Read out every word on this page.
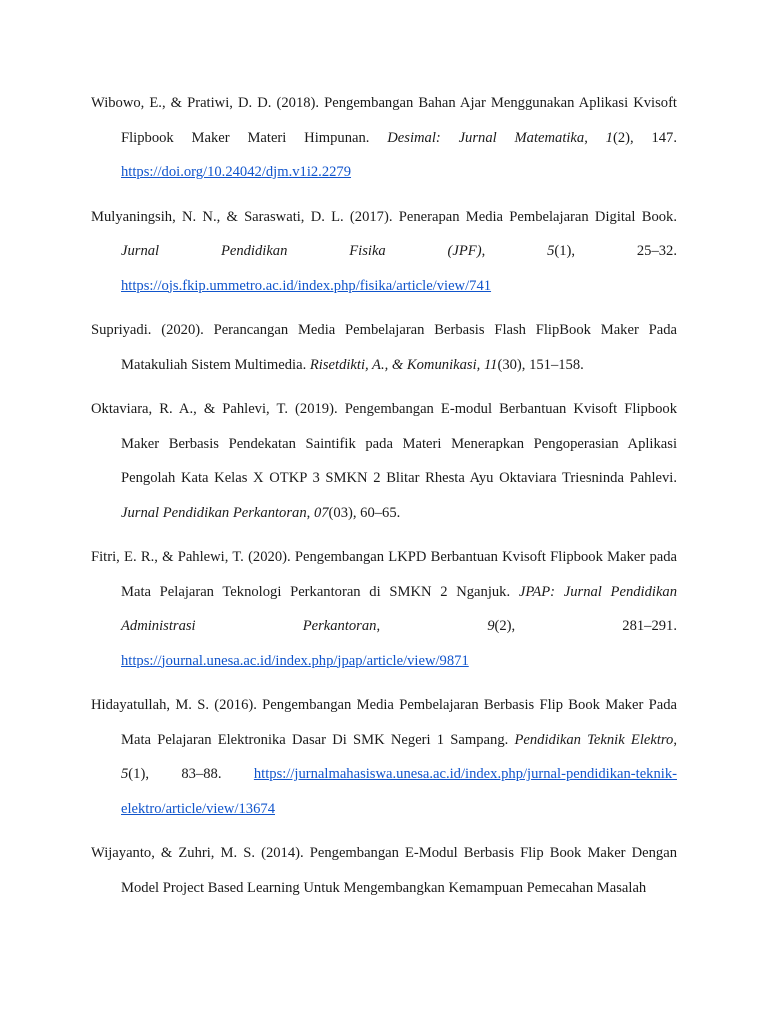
Wibowo, E., & Pratiwi, D. D. (2018). Pengembangan Bahan Ajar Menggunakan Aplikasi Kvisoft Flipbook Maker Materi Himpunan. Desimal: Jurnal Matematika, 1(2), 147. https://doi.org/10.24042/djm.v1i2.2279

Mulyaningsih, N. N., & Saraswati, D. L. (2017). Penerapan Media Pembelajaran Digital Book. Jurnal Pendidikan Fisika (JPF), 5(1), 25–32. https://ojs.fkip.ummetro.ac.id/index.php/fisika/article/view/741

Supriyadi. (2020). Perancangan Media Pembelajaran Berbasis Flash FlipBook Maker Pada Matakuliah Sistem Multimedia. Risetdikti, A., & Komunikasi, 11(30), 151–158.

Oktaviara, R. A., & Pahlevi, T. (2019). Pengembangan E-modul Berbantuan Kvisoft Flipbook Maker Berbasis Pendekatan Saintifik pada Materi Menerapkan Pengoperasian Aplikasi Pengolah Kata Kelas X OTKP 3 SMKN 2 Blitar Rhesta Ayu Oktaviara Triesninda Pahlevi. Jurnal Pendidikan Perkantoran, 07(03), 60–65.

Fitri, E. R., & Pahlewi, T. (2020). Pengembangan LKPD Berbantuan Kvisoft Flipbook Maker pada Mata Pelajaran Teknologi Perkantoran di SMKN 2 Nganjuk. JPAP: Jurnal Pendidikan Administrasi Perkantoran, 9(2), 281–291. https://journal.unesa.ac.id/index.php/jpap/article/view/9871

Hidayatullah, M. S. (2016). Pengembangan Media Pembelajaran Berbasis Flip Book Maker Pada Mata Pelajaran Elektronika Dasar Di SMK Negeri 1 Sampang. Pendidikan Teknik Elektro, 5(1), 83–88. https://jurnalmahasiswa.unesa.ac.id/index.php/jurnal-pendidikan-teknik-elektro/article/view/13674

Wijayanto, & Zuhri, M. S. (2014). Pengembangan E-Modul Berbasis Flip Book Maker Dengan Model Project Based Learning Untuk Mengembangkan Kemampuan Pemecahan Masalah
